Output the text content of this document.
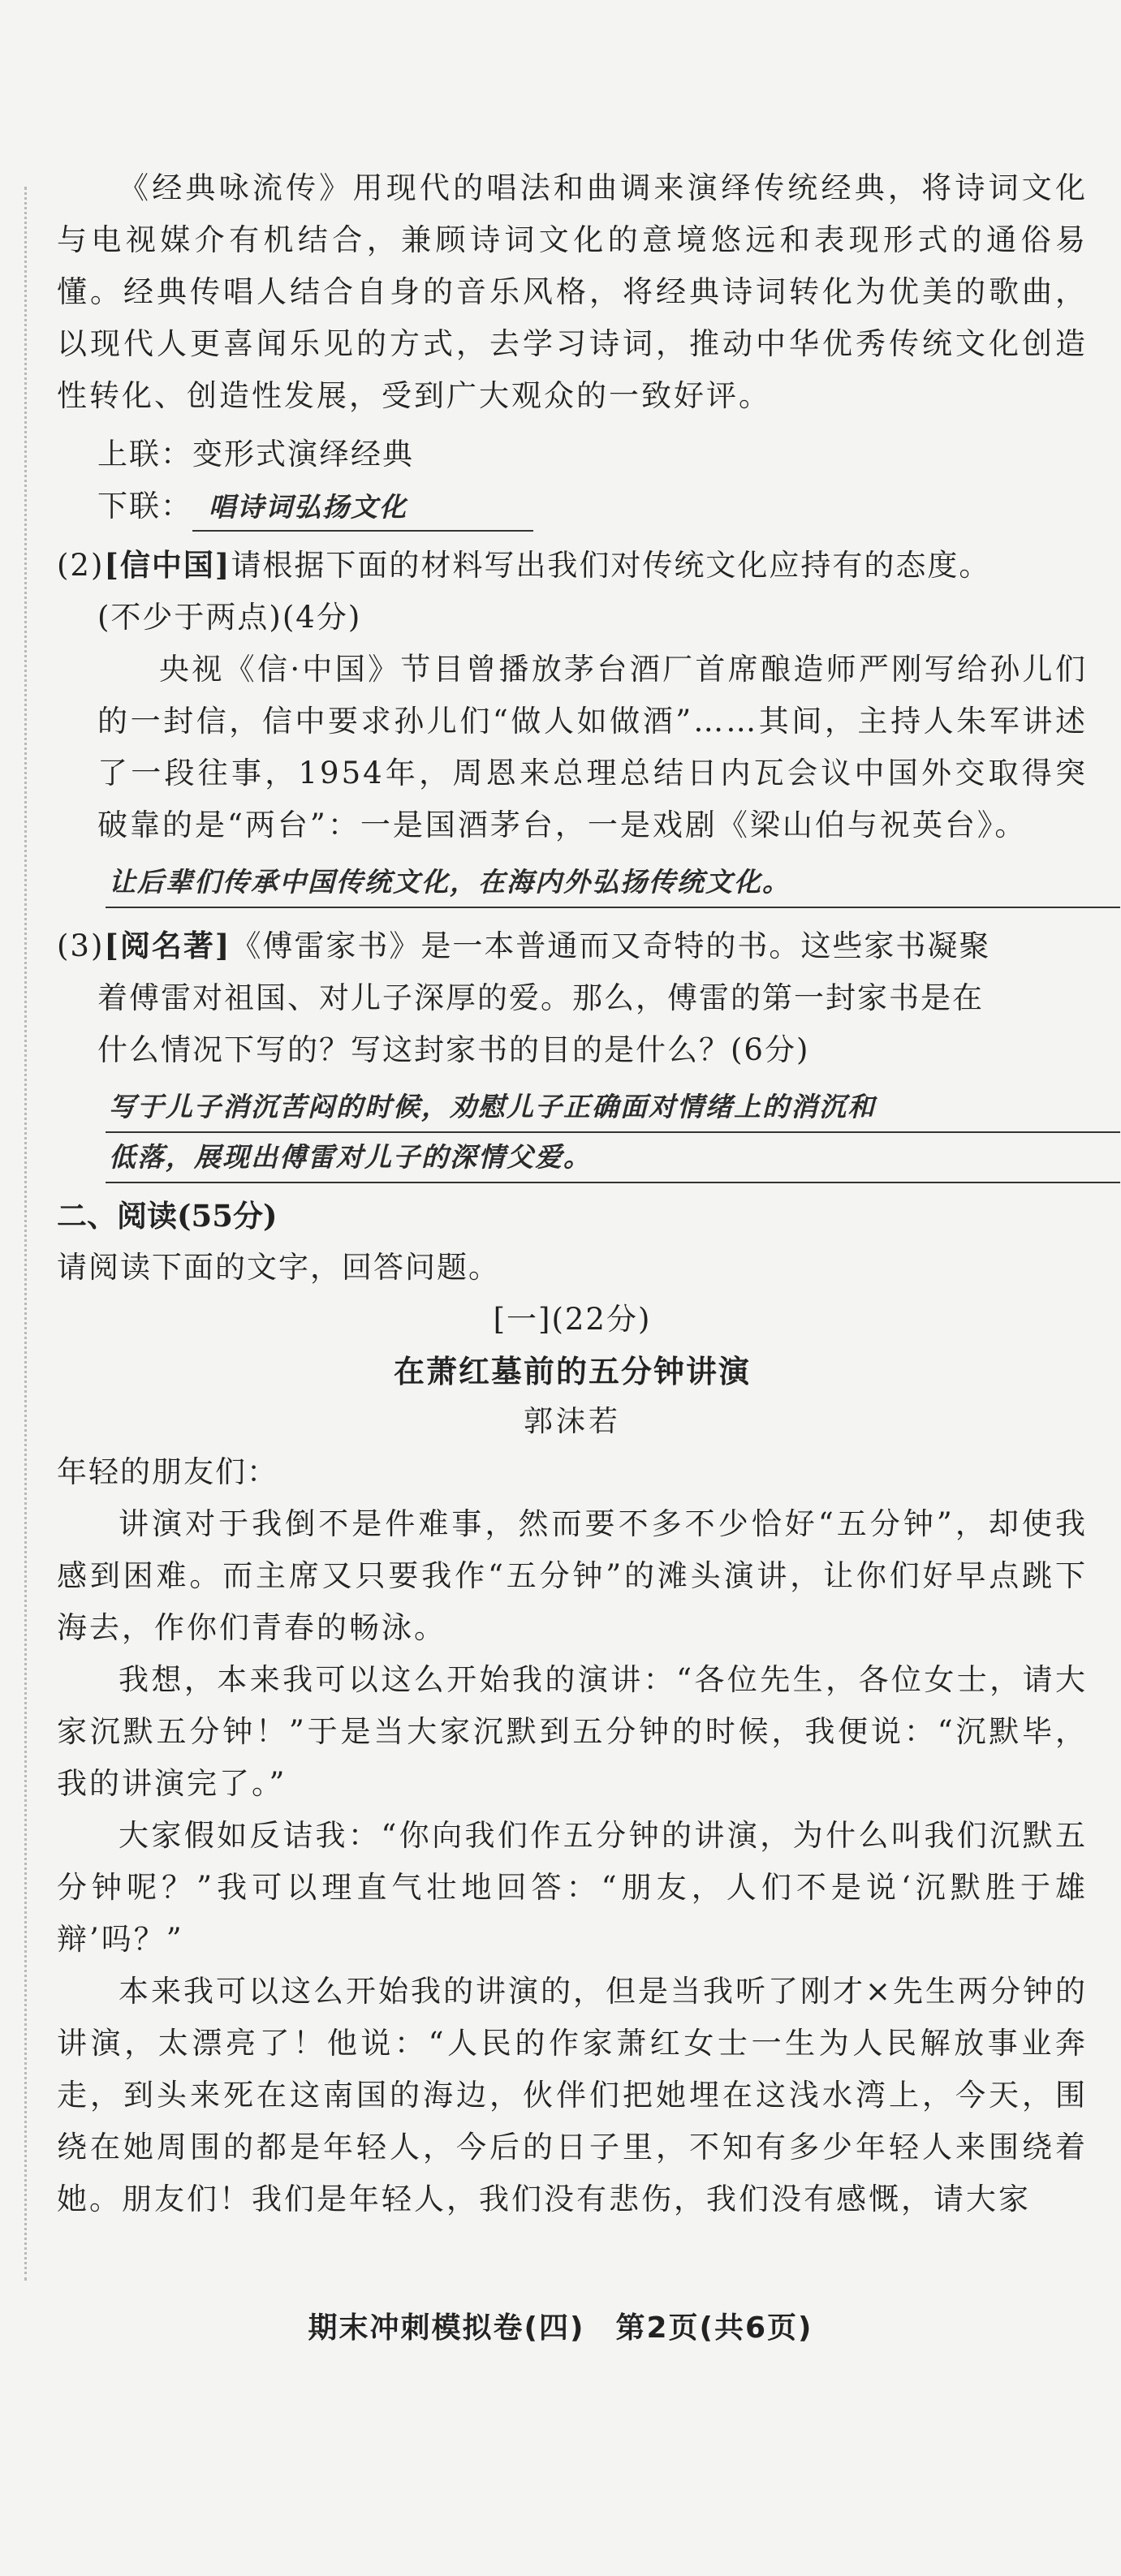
《经典咏流传》用现代的唱法和曲调来演绎传统经典，将诗词文化与电视媒介有机结合，兼顾诗词文化的意境悠远和表现形式的通俗易懂。经典传唱人结合自身的音乐风格，将经典诗词转化为优美的歌曲，以现代人更喜闻乐见的方式，去学习诗词，推动中华优秀传统文化创造性转化、创造性发展，受到广大观众的一致好评。

上联：变形式演绎经典

下联： 唱诗词弘扬文化

(2)[信中国]请根据下面的材料写出我们对传统文化应持有的态度。

(不少于两点)(4分)

央视《信·中国》节目曾播放茅台酒厂首席酿造师严刚写给孙儿们的一封信，信中要求孙儿们“做人如做酒”……其间，主持人朱军讲述了一段往事，1954年，周恩来总理总结日内瓦会议中国外交取得突破靠的是“两台”：一是国酒茅台，一是戏剧《梁山伯与祝英台》。

让后辈们传承中国传统文化，在海内外弘扬传统文化。

(3)[阅名著]《傅雷家书》是一本普通而又奇特的书。这些家书凝聚

着傅雷对祖国、对儿子深厚的爱。那么，傅雷的第一封家书是在

什么情况下写的？写这封家书的目的是什么？(6分)

写于儿子消沉苦闷的时候，劝慰儿子正确面对情绪上的消沉和
低落，展现出傅雷对儿子的深情父爱。

二、阅读(55分)

请阅读下面的文字，回答问题。

[一](22分)

在萧红墓前的五分钟讲演

郭沫若

年轻的朋友们：

讲演对于我倒不是件难事，然而要不多不少恰好“五分钟”，却使我感到困难。而主席又只要我作“五分钟”的滩头演讲，让你们好早点跳下海去，作你们青春的畅泳。

我想，本来我可以这么开始我的演讲：“各位先生，各位女士，请大家沉默五分钟！”于是当大家沉默到五分钟的时候，我便说：“沉默毕，我的讲演完了。”

大家假如反诘我：“你向我们作五分钟的讲演，为什么叫我们沉默五分钟呢？”我可以理直气壮地回答：“朋友，人们不是说‘沉默胜于雄辩’吗？”

本来我可以这么开始我的讲演的，但是当我听了刚才×先生两分钟的讲演，太漂亮了！他说：“人民的作家萧红女士一生为人民解放事业奔走，到头来死在这南国的海边，伙伴们把她埋在这浅水湾上，今天，围绕在她周围的都是年轻人，今后的日子里，不知有多少年轻人来围绕着她。朋友们！我们是年轻人，我们没有悲伤，我们没有感慨，请大家

期末冲刺模拟卷(四)　第2页(共6页)
